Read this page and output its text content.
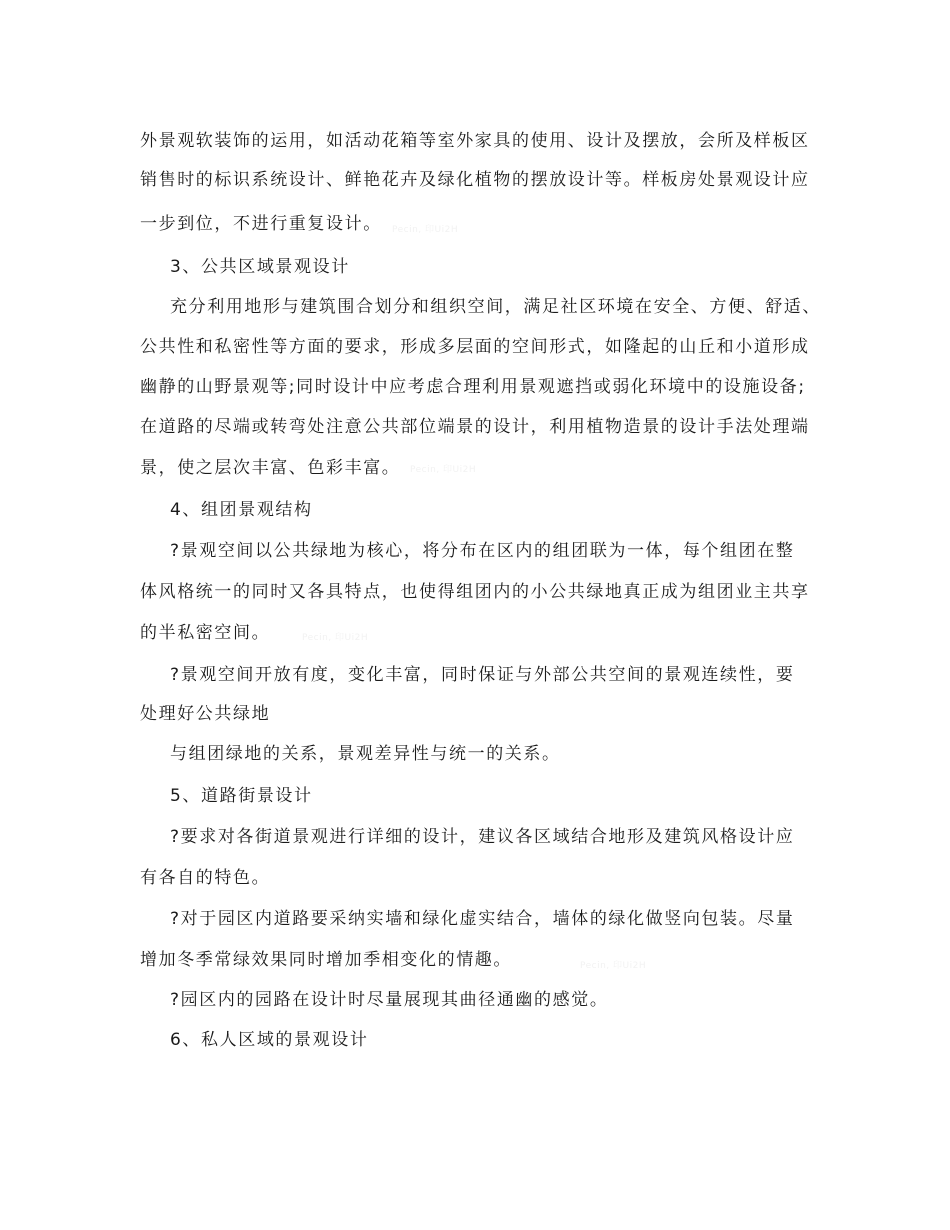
外景观软装饰的运用，如活动花箱等室外家具的使用、设计及摆放，会所及样板区
销售时的标识系统设计、鲜艳花卉及绿化植物的摆放设计等。样板房处景观设计应
一步到位，不进行重复设计。 Pecin, 印Ui2H
3、公共区域景观设计
充分利用地形与建筑围合划分和组织空间，满足社区环境在安全、方便、舒适、
公共性和私密性等方面的要求，形成多层面的空间形式，如隆起的山丘和小道形成
幽静的山野景观等;同时设计中应考虑合理利用景观遮挡或弱化环境中的设施设备;
在道路的尽端或转弯处注意公共部位端景的设计，利用植物造景的设计手法处理端
景，使之层次丰富、色彩丰富。 Pecin, 印Ui2H
4、组团景观结构
?景观空间以公共绿地为核心，将分布在区内的组团联为一体，每个组团在整
体风格统一的同时又各具特点，也使得组团内的小公共绿地真正成为组团业主共享
的半私密空间。	Pecin, 印Ui2H
?景观空间开放有度，变化丰富，同时保证与外部公共空间的景观连续性，要
处理好公共绿地
与组团绿地的关系，景观差异性与统一的关系。
5、道路街景设计
?要求对各街道景观进行详细的设计，建议各区域结合地形及建筑风格设计应
有各自的特色。
?对于园区内道路要采纳实墙和绿化虚实结合，墙体的绿化做竖向包装。尽量
增加冬季常绿效果同时增加季相变化的情趣。	Pecin, 印Ui2H
?园区内的园路在设计时尽量展现其曲径通幽的感觉。
6、私人区域的景观设计
